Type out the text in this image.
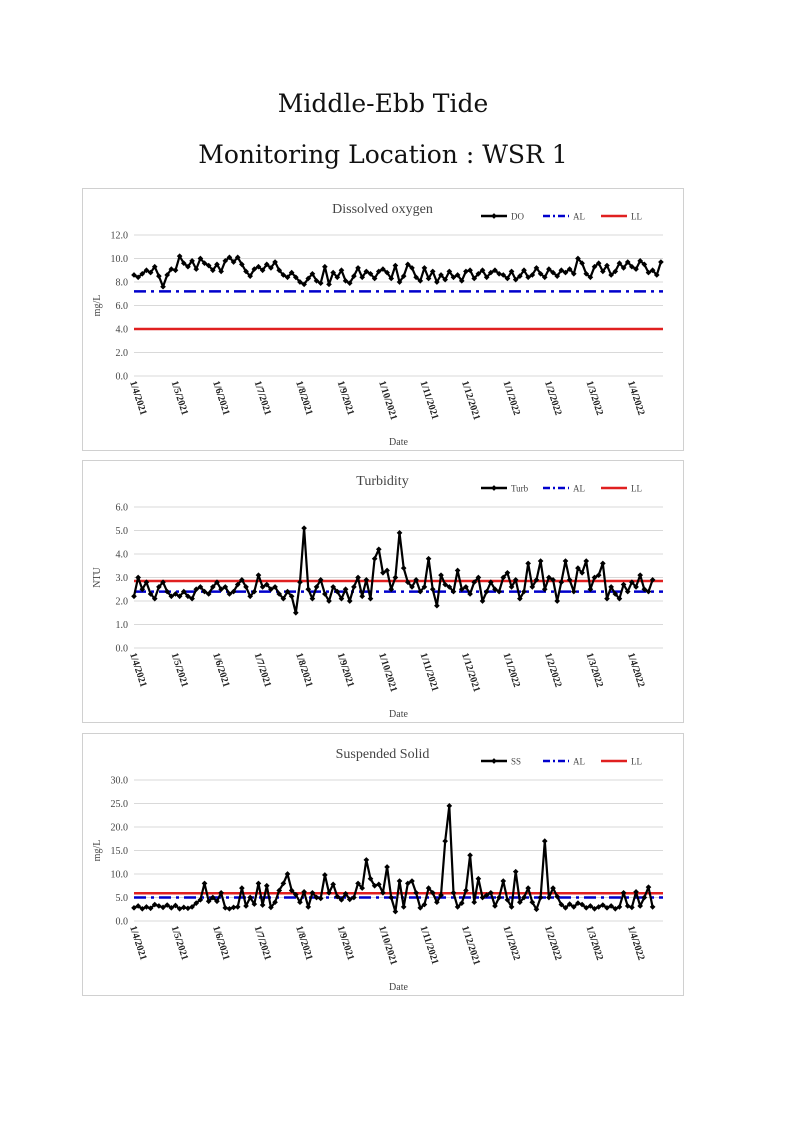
Middle-Ebb Tide
Monitoring Location : WSR 1
Dissolved oxygen
0.0
2.0
4.0
6.0
8.0
10.0
12.0
mg/L
1/4/2021 1/5/2021 1/6/2021 1/7/2021 1/8/2021 1/9/2021 1/10/2021 1/11/2021 1/12/2021 1/1/2022 1/2/2022 1/3/2022 1/4/2022
Date
DO	AL	LL
Turbidity
0.0
1.0
2.0
3.0
4.0
5.0
6.0
NTU
1/4/2021 1/5/2021 1/6/2021 1/7/2021 1/8/2021 1/9/2021 1/10/2021 1/11/2021 1/12/2021 1/1/2022 1/2/2022 1/3/2022 1/4/2022
Date
Turb	AL	LL
Suspended Solid
0.0
5.0
10.0
15.0
20.0
25.0
30.0
mg/L
1/4/2021 1/5/2021 1/6/2021 1/7/2021 1/8/2021 1/9/2021 1/10/2021 1/11/2021 1/12/2021 1/1/2022 1/2/2022 1/3/2022 1/4/2022
Date
SS	AL	LL
